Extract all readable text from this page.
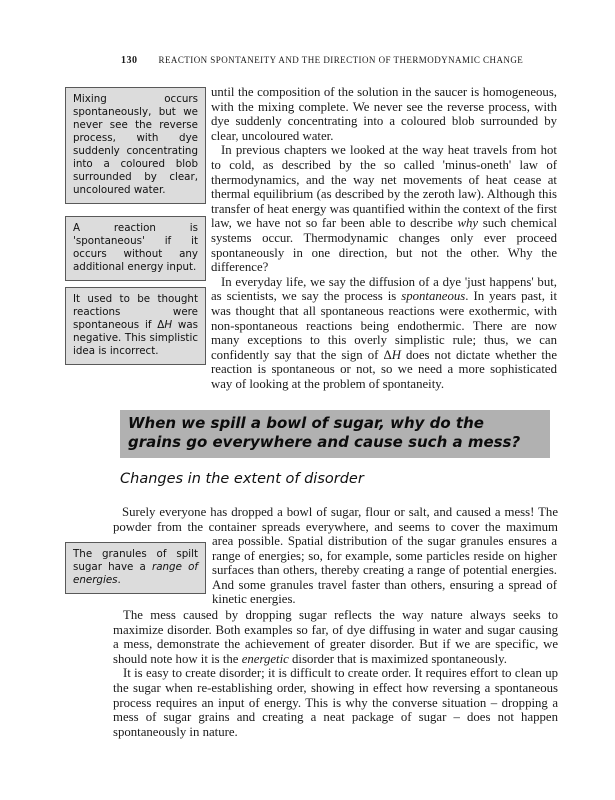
130 REACTION SPONTANEITY AND THE DIRECTION OF THERMODYNAMIC CHANGE
Mixing occurs spontaneously, but we never see the reverse process, with dye suddenly concentrating into a coloured blob surrounded by clear, uncoloured water.
A reaction is 'spontaneous' if it occurs without any additional energy input.
It used to be thought reactions were spontaneous if ΔH was negative. This simplistic idea is incorrect.

until the composition of the solution in the saucer is homogeneous, with the mixing complete. We never see the reverse process, with dye suddenly concentrating into a coloured blob surrounded by clear, uncoloured water.

In previous chapters we looked at the way heat travels from hot to cold, as described by the so called 'minus-oneth' law of thermodynamics, and the way net movements of heat cease at thermal equilibrium (as described by the zeroth law). Although this transfer of heat energy was quantified within the context of the first law, we have not so far been able to describe why such chemical systems occur. Thermodynamic changes only ever proceed spontaneously in one direction, but not the other. Why the difference?

In everyday life, we say the diffusion of a dye 'just happens' but, as scientists, we say the process is spontaneous. In years past, it was thought that all spontaneous reactions were exothermic, with non-spontaneous reactions being endothermic. There are now many exceptions to this overly simplistic rule; thus, we can confidently say that the sign of ΔH does not dictate whether the reaction is spontaneous or not, so we need a more sophisticated way of looking at the problem of spontaneity.

When we spill a bowl of sugar, why do the grains go everywhere and cause such a mess?
Changes in the extent of disorder
Surely everyone has dropped a bowl of sugar, flour or salt, and caused a mess! The powder from the container spreads everywhere, and seems to cover the maximum
The granules of spilt sugar have a range of energies.
area possible. Spatial distribution of the sugar granules ensures a range of energies; so, for example, some particles reside on higher surfaces than others, thereby creating a range of potential energies. And some granules travel faster than others, ensuring a spread of kinetic energies.

The mess caused by dropping sugar reflects the way nature always seeks to maximize disorder. Both examples so far, of dye diffusing in water and sugar causing a mess, demonstrate the achievement of greater disorder. But if we are specific, we should note how it is the energetic disorder that is maximized spontaneously.

It is easy to create disorder; it is difficult to create order. It requires effort to clean up the sugar when re-establishing order, showing in effect how reversing a spontaneous process requires an input of energy. This is why the converse situation – dropping a mess of sugar grains and creating a neat package of sugar – does not happen spontaneously in nature.
